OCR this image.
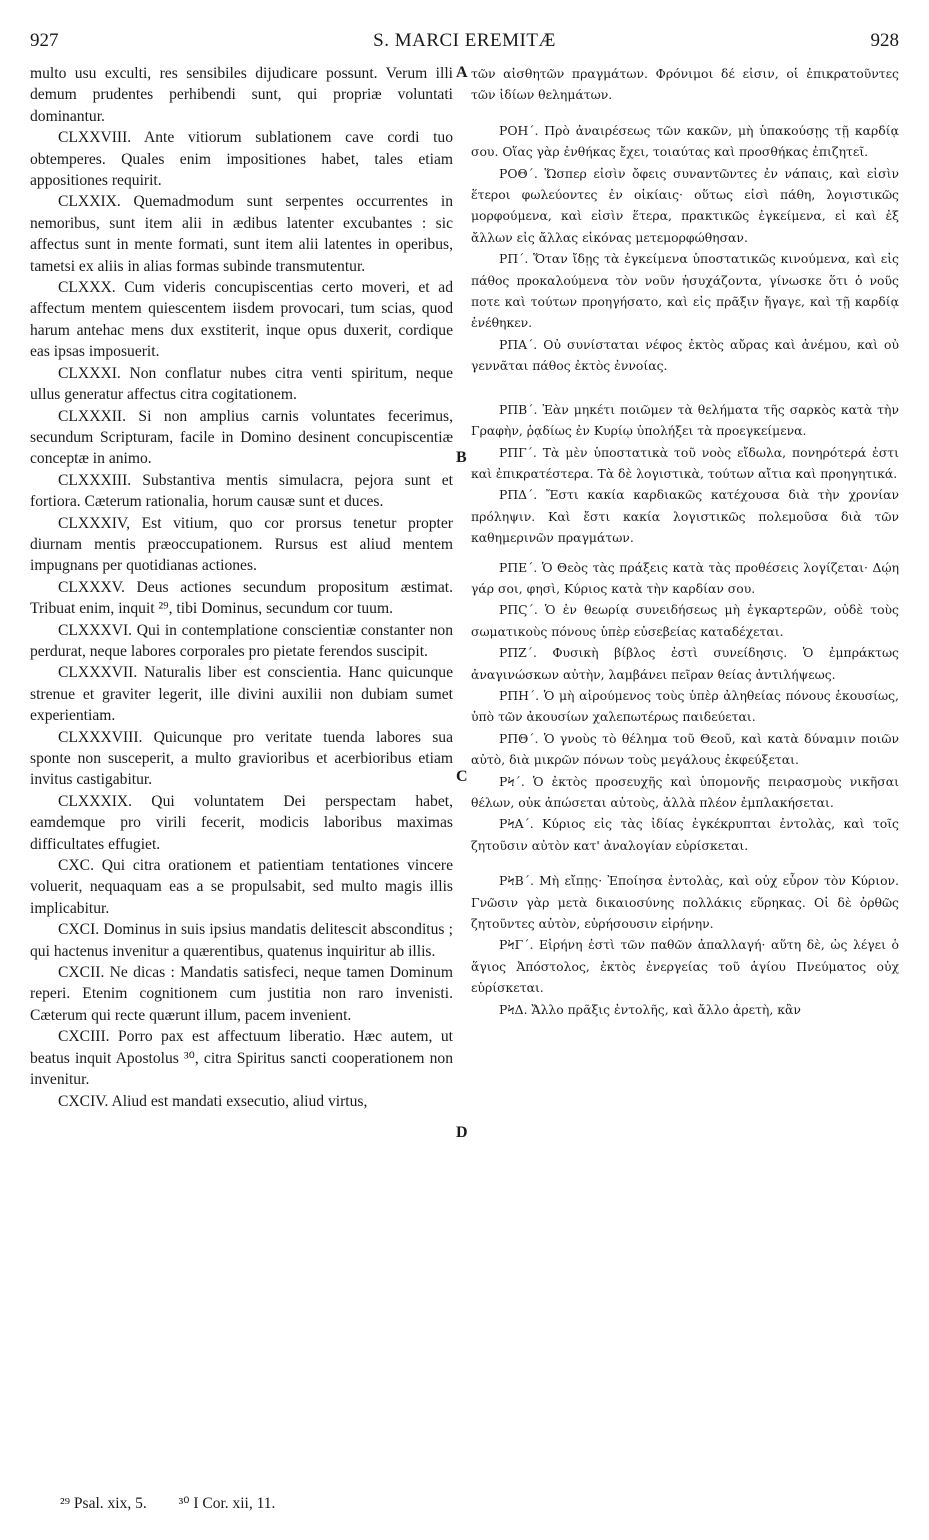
927	S. MARCI EREMITÆ	928
A
B
C
D

multo usu exculti, res sensibiles dijudicare possunt. Verum illi demum prudentes perhibendi sunt, qui propriæ voluntati dominantur.

CLXXVIII. Ante vitiorum sublationem cave cordi tuo obtemperes. Quales enim impositiones habet, tales etiam appositiones requirit.

CLXXIX. Quemadmodum sunt serpentes occurrentes in nemoribus, sunt item alii in ædibus latenter excubantes : sic affectus sunt in mente formati, sunt item alii latentes in operibus, tametsi ex aliis in alias formas subinde transmutentur.

CLXXX. Cum videris concupiscentias certo moveri, et ad affectum mentem quiescentem iisdem provocari, tum scias, quod harum antehac mens dux exstiterit, inque opus duxerit, cordique eas ipsas imposuerit.

CLXXXI. Non conflatur nubes citra venti spiritum, neque ullus generatur affectus citra cogitationem.

CLXXXII. Si non amplius carnis voluntates fecerimus, secundum Scripturam, facile in Domino desinent concupiscentiæ conceptæ in animo.

CLXXXIII. Substantiva mentis simulacra, pejora sunt et fortiora. Cæterum rationalia, horum causæ sunt et duces.

CLXXXIV, Est vitium, quo cor prorsus tenetur propter diurnam mentis præoccupationem. Rursus est aliud mentem impugnans per quotidianas actiones.

CLXXXV. Deus actiones secundum propositum æstimat. Tribuat enim, inquit ²⁹, tibi Dominus, secundum cor tuum.

CLXXXVI. Qui in contemplatione conscientiæ constanter non perdurat, neque labores corporales pro pietate ferendos suscipit.

CLXXXVII. Naturalis liber est conscientia. Hanc quicunque strenue et graviter legerit, ille divini auxilii non dubiam sumet experientiam.

CLXXXVIII. Quicunque pro veritate tuenda labores sua sponte non susceperit, a multo gravioribus et acerbioribus etiam invitus castigabitur.

CLXXXIX. Qui voluntatem Dei perspectam habet, eamdemque pro virili fecerit, modicis laboribus maximas difficultates effugiet.

CXC. Qui citra orationem et patientiam tentationes vincere voluerit, nequaquam eas a se propulsabit, sed multo magis illis implicabitur.

CXCI. Dominus in suis ipsius mandatis delitescit absconditus ; qui hactenus invenitur a quærentibus, quatenus inquiritur ab illis.

CXCII. Ne dicas : Mandatis satisfeci, neque tamen Dominum reperi. Etenim cognitionem cum justitia non raro invenisti. Cæterum qui recte quærunt illum, pacem invenient.

CXCIII. Porro pax est affectuum liberatio. Hæc autem, ut beatus inquit Apostolus ³⁰, citra Spiritus sancti cooperationem non invenitur.

CXCIV. Aliud est mandati exsecutio, aliud virtus,

τῶν αἰσθητῶν πραγμάτων. Φρόνιμοι δέ εἰσιν, οἱ ἐπικρατοῦντες τῶν ἰδίων θελημάτων.

ΡΟΗ΄. Πρὸ ἀναιρέσεως τῶν κακῶν, μὴ ὑπακούσῃς τῇ καρδίᾳ σου. Οἵας γὰρ ἐνθήκας ἔχει, τοιαύτας καὶ προσθήκας ἐπιζητεῖ.

ΡΟΘ΄. Ὥσπερ εἰσὶν ὄφεις συναντῶντες ἐν νάπαις, καὶ εἰσὶν ἕτεροι φωλεύοντες ἐν οἰκίαις· οὕτως εἰσὶ πάθη, λογιστικῶς μορφούμενα, καὶ εἰσὶν ἕτερα, πρακτικῶς ἐγκείμενα, εἰ καὶ ἐξ ἄλλων εἰς ἄλλας εἰκόνας μετεμορφώθησαν.

ΡΠ΄. Ὅταν ἴδῃς τὰ ἐγκείμενα ὑποστατικῶς κινούμενα, καὶ εἰς πάθος προκαλούμενα τὸν νοῦν ἡσυχάζοντα, γίνωσκε ὅτι ὁ νοῦς ποτε καὶ τούτων προηγήσατο, καὶ εἰς πρᾶξιν ἤγαγε, καὶ τῇ καρδίᾳ ἐνέθηκεν.

ΡΠΑ΄. Οὐ συνίσταται νέφος ἐκτὸς αὔρας καὶ ἀνέμου, καὶ οὐ γεννᾶται πάθος ἐκτὸς ἐννοίας.

ΡΠΒ΄. Ἐὰν μηκέτι ποιῶμεν τὰ θελήματα τῆς σαρκὸς κατὰ τὴν Γραφὴν, ῥᾳδίως ἐν Κυρίῳ ὑπολήξει τὰ προεγκείμενα.

ΡΠΓ΄. Τὰ μὲν ὑποστατικὰ τοῦ νοὸς εἴδωλα, πονηρότερά ἐστι καὶ ἐπικρατέστερα. Τὰ δὲ λογιστικὰ, τούτων αἴτια καὶ προηγητικά.

ΡΠΔ΄. Ἔστι κακία καρδιακῶς κατέχουσα διὰ τὴν χρονίαν πρόληψιν. Καὶ ἔστι κακία λογιστικῶς πολεμοῦσα διὰ τῶν καθημερινῶν πραγμάτων.

ΡΠΕ΄. Ὁ Θεὸς τὰς πράξεις κατὰ τὰς προθέσεις λογίζεται· Δῴη γάρ σοι, φησὶ, Κύριος κατὰ τὴν καρδίαν σου.

ΡΠϚ΄. Ὁ ἐν θεωρίᾳ συνειδήσεως μὴ ἐγκαρτερῶν, οὐδὲ τοὺς σωματικοὺς πόνους ὑπὲρ εὐσεβείας καταδέχεται.

ΡΠΖ΄. Φυσικὴ βίβλος ἐστὶ συνείδησις. Ὁ ἐμπράκτως ἀναγινώσκων αὐτὴν, λαμβάνει πεῖραν θείας ἀντιλήψεως.

ΡΠΗ΄. Ὁ μὴ αἱρούμενος τοὺς ὑπὲρ ἀληθείας πόνους ἑκουσίως, ὑπὸ τῶν ἀκουσίων χαλεπωτέρως παιδεύεται.

ΡΠΘ΄. Ὁ γνοὺς τὸ θέλημα τοῦ Θεοῦ, καὶ κατὰ δύναμιν ποιῶν αὐτὸ, διὰ μικρῶν πόνων τοὺς μεγάλους ἐκφεύξεται.

ΡϞ΄. Ὁ ἐκτὸς προσευχῆς καὶ ὑπομονῆς πειρασμοὺς νικῆσαι θέλων, οὐκ ἀπώσεται αὐτοὺς, ἀλλὰ πλέον ἐμπλακήσεται.

ΡϞΑ΄. Κύριος εἰς τὰς ἰδίας ἐγκέκρυπται ἐντολὰς, καὶ τοῖς ζητοῦσιν αὐτὸν κατ' ἀναλογίαν εὑρίσκεται.

ΡϞΒ΄. Μὴ εἴπῃς· Ἐποίησα ἐντολὰς, καὶ οὐχ εὗρον τὸν Κύριον. Γνῶσιν γὰρ μετὰ δικαιοσύνης πολλάκις εὕρηκας. Οἱ δὲ ὀρθῶς ζητοῦντες αὐτὸν, εὑρήσουσιν εἰρήνην.

ΡϞΓ΄. Εἰρήνη ἐστὶ τῶν παθῶν ἀπαλλαγή· αὕτη δὲ, ὡς λέγει ὁ ἅγιος Ἀπόστολος, ἐκτὸς ἐνεργείας τοῦ ἁγίου Πνεύματος οὐχ εὑρίσκεται.

ΡϞΔ. Ἄλλο πρᾶξις ἐντολῆς, καὶ ἄλλο ἀρετὴ, κἂν

²⁹ Psal. xix, 5. ³⁰ I Cor. xii, 11.
